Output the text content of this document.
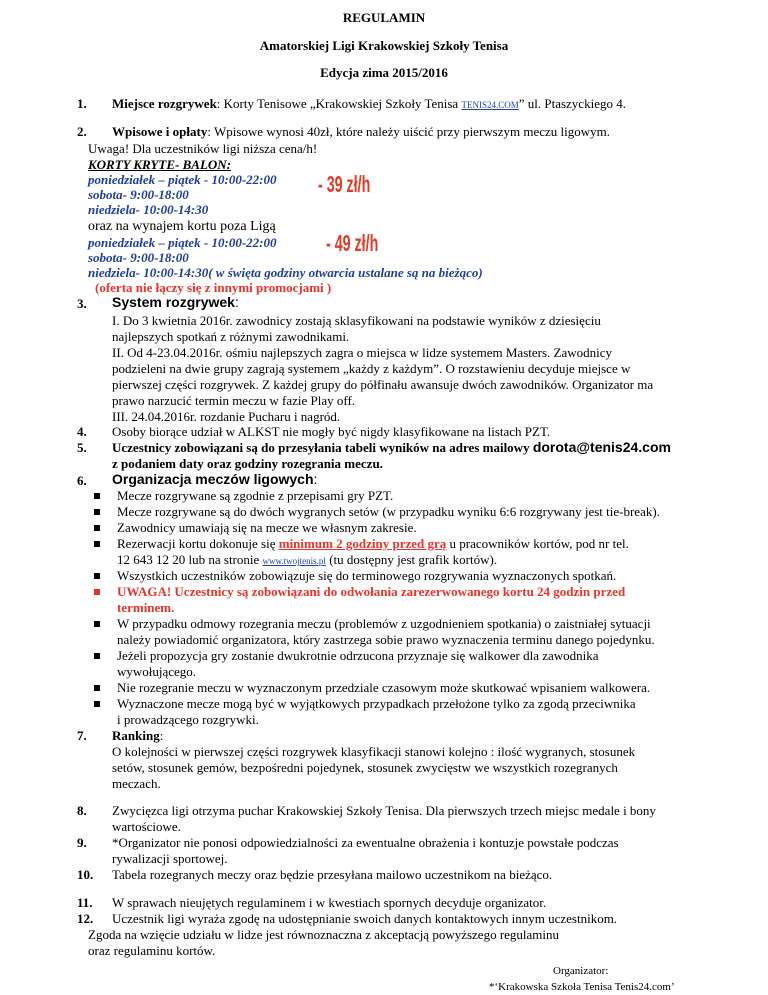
REGULAMIN
Amatorskiej Ligi Krakowskiej Szkoły Tenisa
Edycja zima 2015/2016
1. Miejsce rozgrywek: Korty Tenisowe „Krakowskiej Szkoły Tenisa TENIS24.COM” ul. Ptaszyckiego 4.
2. Wpisowe i opłaty: Wpisowe wynosi 40zł, które należy uiścić przy pierwszym meczu ligowym.
Uwaga! Dla uczestników ligi niższa cena/h!
KORTY KRYTE- BALON:
poniedziałek – piątek - 10:00-22:00
sobota- 9:00-18:00
niedziela- 10:00-14:30
- 39 zł/h
oraz na wynajem kortu poza Ligą
poniedziałek – piątek - 10:00-22:00
sobota- 9:00-18:00
niedziela- 10:00-14:30( w święta godziny otwarcia ustalane są na bieżąco)
- 49 zł/h
(oferta nie łączy się z innymi promocjami )
3. System rozgrywek:
I. Do 3 kwietnia 2016r. zawodnicy zostają sklasyfikowani na podstawie wyników z dziesięciu
najlepszych spotkań z różnymi zawodnikami.
II. Od 4-23.04.2016r. ośmiu najlepszych zagra o miejsca w lidze systemem Masters. Zawodnicy
podzieleni na dwie grupy zagrają systemem „każdy z każdym”. O rozstawieniu decyduje miejsce w
pierwszej części rozgrywek. Z każdej grupy do półfinału awansuje dwóch zawodników. Organizator ma
prawo narzucić termin meczu w fazie Play off.
III. 24.04.2016r. rozdanie Pucharu i nagród.
4. Osoby biorące udział w ALKST nie mogły być nigdy klasyfikowane na listach PZT.
5. Uczestnicy zobowiązani są do przesyłania tabeli wyników na adres mailowy dorota@tenis24.com
z podaniem daty oraz godziny rozegrania meczu.
6. Organizacja meczów ligowych:
Mecze rozgrywane są zgodnie z przepisami gry PZT.
Mecze rozgrywane są do dwóch wygranych setów (w przypadku wyniku 6:6 rozgrywany jest tie-break).
Zawodnicy umawiają się na mecze we własnym zakresie.
Rezerwacji kortu dokonuje się minimum 2 godziny przed grą u pracowników kortów, pod nr tel.
12 643 12 20 lub na stronie www.twojtenis.pl (tu dostępny jest grafik kortów).
Wszystkich uczestników zobowiązuje się do terminowego rozgrywania wyznaczonych spotkań.
UWAGA! Uczestnicy są zobowiązani do odwołania zarezerwowanego kortu 24 godzin przed
terminem.
W przypadku odmowy rozegrania meczu (problemów z uzgodnieniem spotkania) o zaistniałej sytuacji
należy powiadomić organizatora, który zastrzega sobie prawo wyznaczenia terminu danego pojedynku.
Jeżeli propozycja gry zostanie dwukrotnie odrzucona przyznaje się walkower dla zawodnika
wywołującego.
Nie rozegranie meczu w wyznaczonym przedziale czasowym może skutkować wpisaniem walkowera.
Wyznaczone mecze mogą być w wyjątkowych przypadkach przełożone tylko za zgodą przeciwnika
i prowadzącego rozgrywki.
7. Ranking:
O kolejności w pierwszej części rozgrywek klasyfikacji stanowi kolejno : ilość wygranych, stosunek
setów, stosunek gemów, bezpośredni pojedynek, stosunek zwycięstw we wszystkich rozegranych
meczach.
8. Zwycięzca ligi otrzyma puchar Krakowskiej Szkoły Tenisa. Dla pierwszych trzech miejsc medale i bony
wartościowe.
9. *Organizator nie ponosi odpowiedzialności za ewentualne obrażenia i kontuzje powstałe podczas
rywalizacji sportowej.
10. Tabela rozegranych meczy oraz będzie przesyłana mailowo uczestnikom na bieżąco.
11. W sprawach nieujętych regulaminem i w kwestiach spornych decyduje organizator.
12. Uczestnik ligi wyraża zgodę na udostępnianie swoich danych kontaktowych innym uczestnikom.
Zgoda na wzięcie udziału w lidze jest równoznaczna z akceptacją powyższego regulaminu
oraz regulaminu kortów.
Organizator:
*‘Krakowska Szkoła Tenisa Tenis24.com’
